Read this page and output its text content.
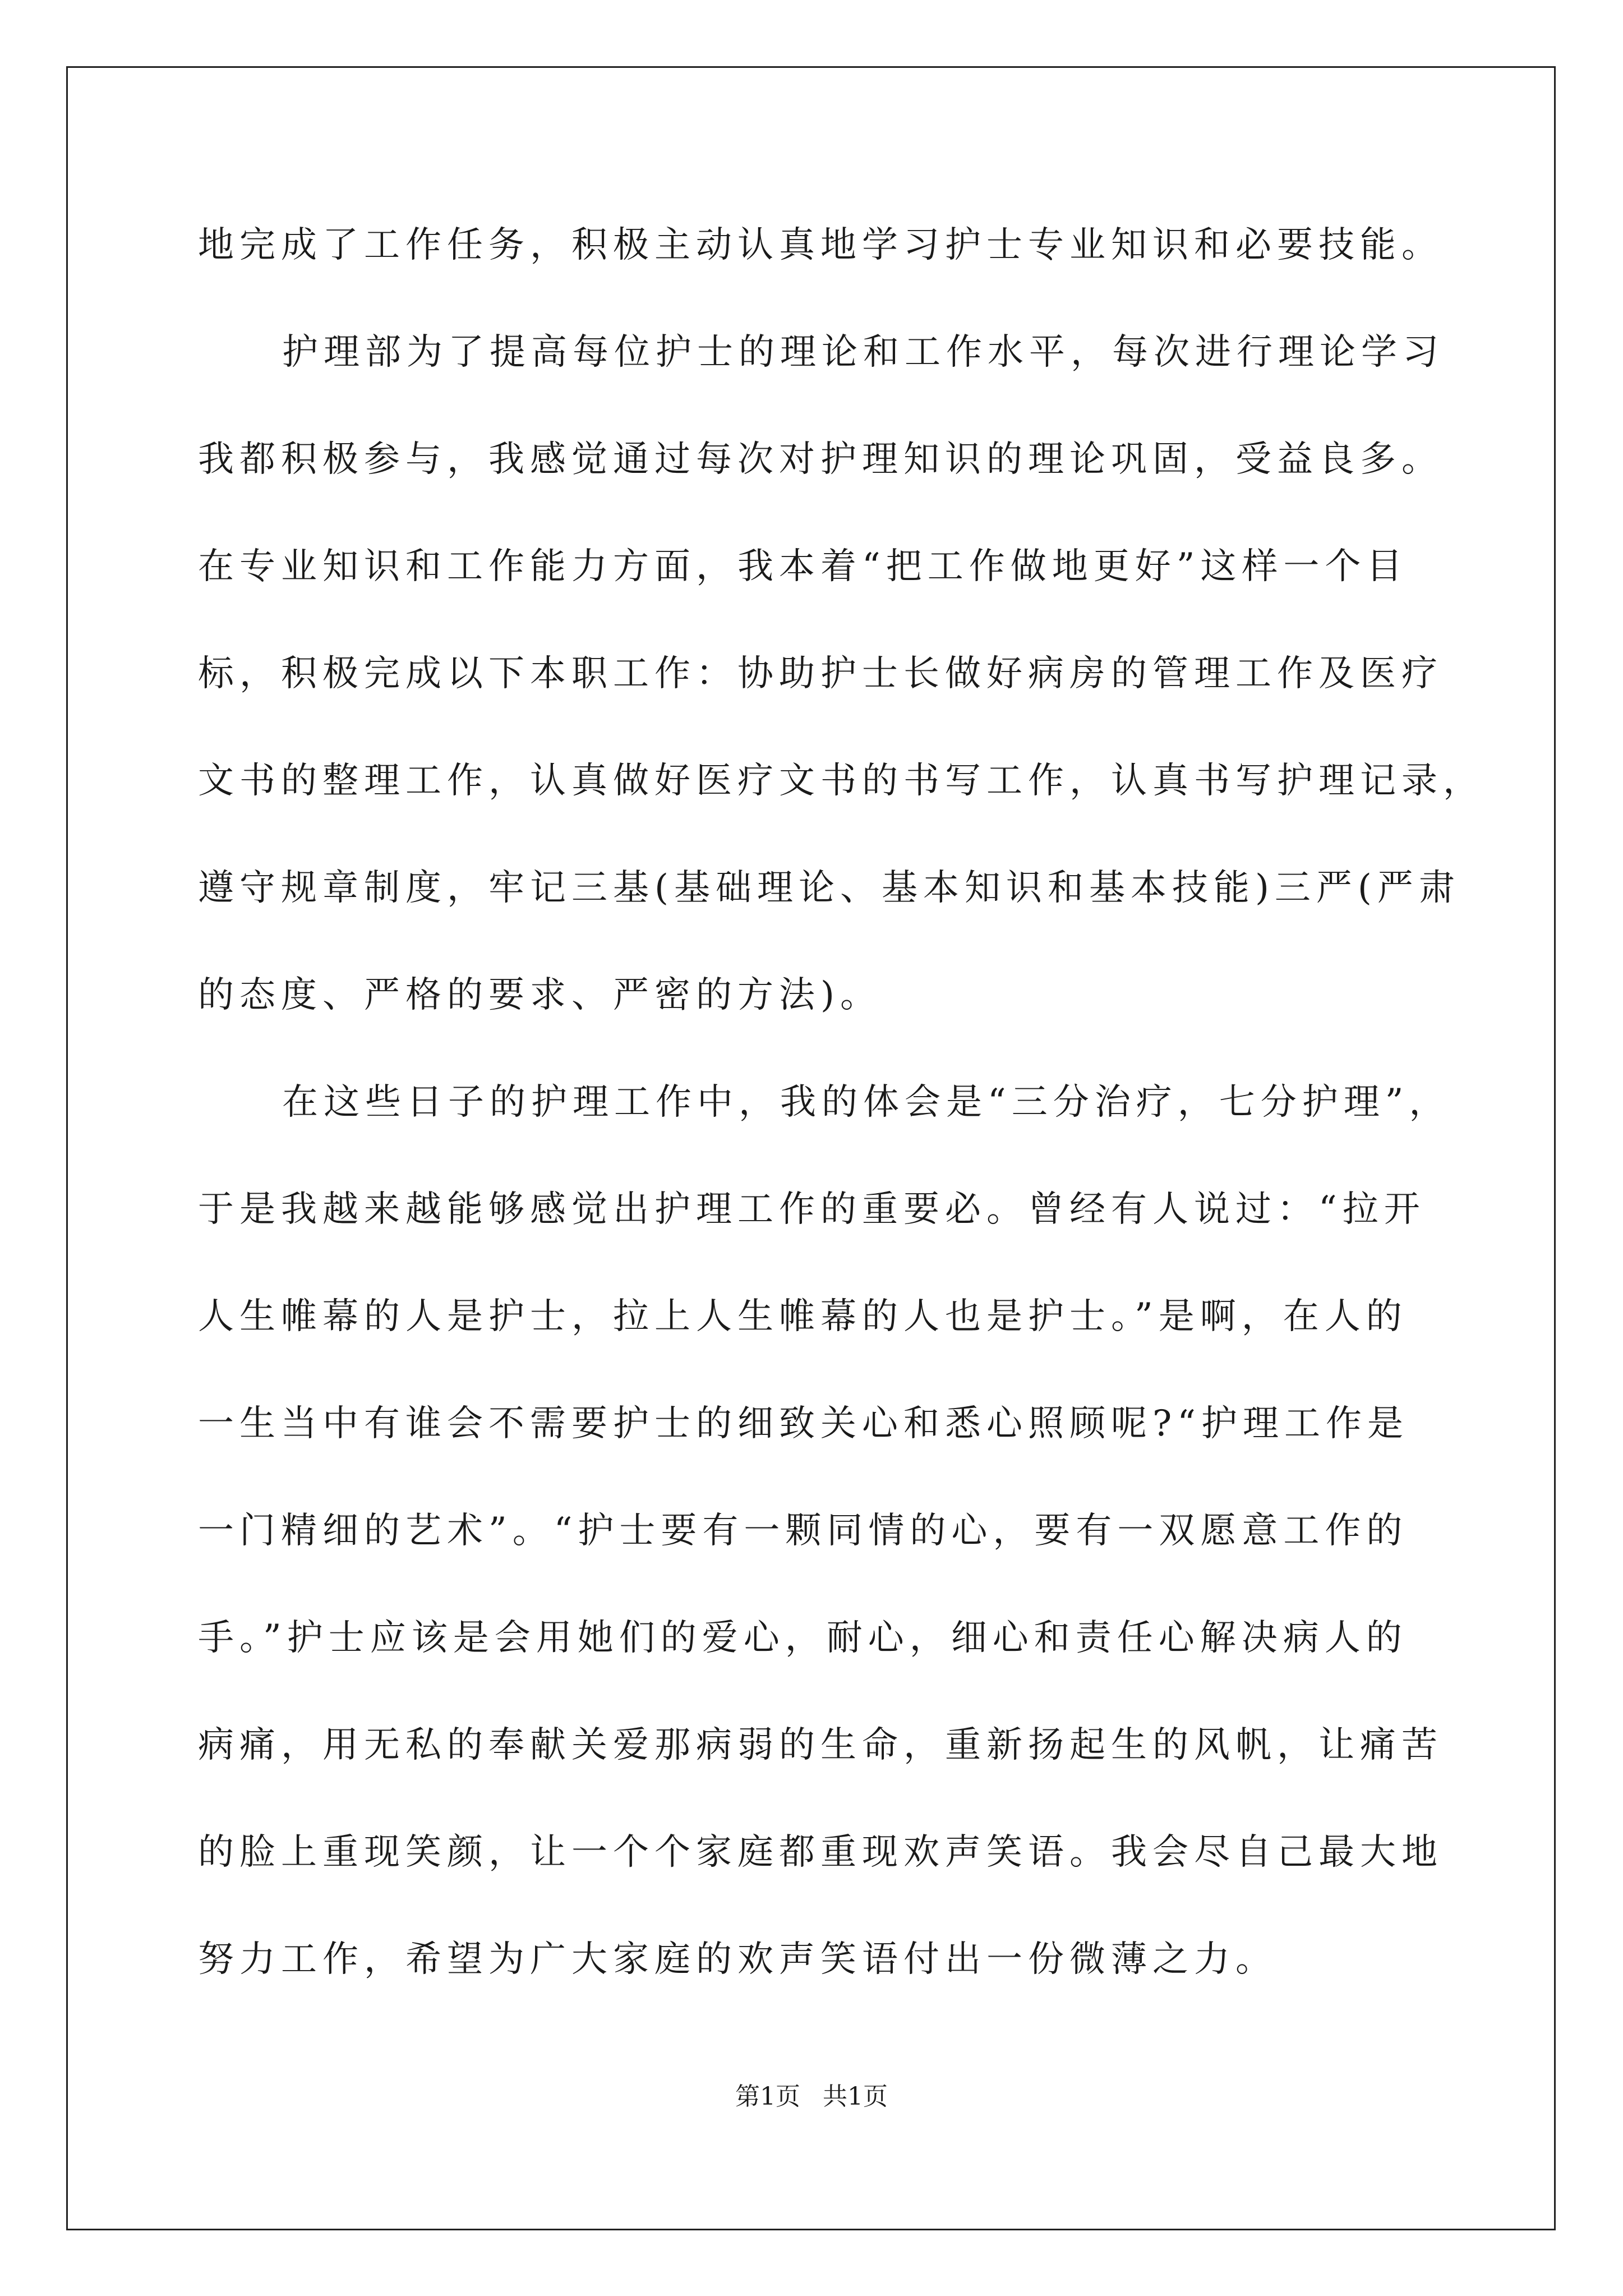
地完成了工作任务，积极主动认真地学习护士专业知识和必要技能。
护理部为了提高每位护士的理论和工作水平，每次进行理论学习
我都积极参与，我感觉通过每次对护理知识的理论巩固，受益良多。
在专业知识和工作能力方面，我本着“把工作做地更好”这样一个目
标，积极完成以下本职工作：协助护士长做好病房的管理工作及医疗
文书的整理工作，认真做好医疗文书的书写工作，认真书写护理记录，
遵守规章制度，牢记三基(基础理论、基本知识和基本技能)三严(严肃
的态度、严格的要求、严密的方法)。
在这些日子的护理工作中，我的体会是“三分治疗，七分护理”，
于是我越来越能够感觉出护理工作的重要必。曾经有人说过：“拉开
人生帷幕的人是护士，拉上人生帷幕的人也是护士。”是啊，在人的
一生当中有谁会不需要护士的细致关心和悉心照顾呢?“护理工作是
一门精细的艺术”。“护士要有一颗同情的心，要有一双愿意工作的
手。”护士应该是会用她们的爱心，耐心，细心和责任心解决病人的
病痛，用无私的奉献关爱那病弱的生命，重新扬起生的风帆，让痛苦
的脸上重现笑颜，让一个个家庭都重现欢声笑语。我会尽自己最大地
努力工作，希望为广大家庭的欢声笑语付出一份微薄之力。
第1页 共1页
